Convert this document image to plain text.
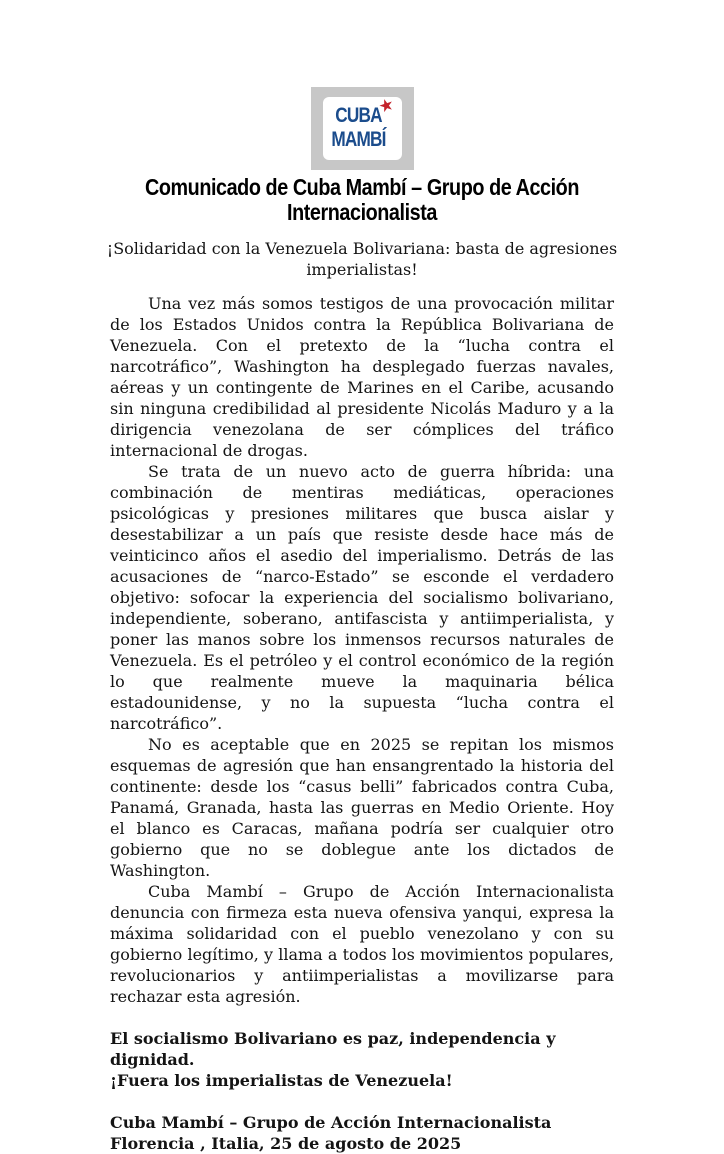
CUBA
MAMBÍ
★
Comunicado de Cuba Mambí – Grupo de Acción
Internacionalista
¡Solidaridad con la Venezuela Bolivariana: basta de agresiones
imperialistas!

Una vez más somos testigos de una provocación militar de los Estados Unidos contra la República Bolivariana de Venezuela. Con el pretexto de la “lucha contra el narcotráfico”, Washington ha desplegado fuerzas navales, aéreas y un contingente de Marines en el Caribe, acusando sin ninguna credibilidad al presidente Nicolás Maduro y a la dirigencia venezolana de ser cómplices del tráfico internacional de drogas.

Se trata de un nuevo acto de guerra híbrida: una combinación de mentiras mediáticas, operaciones psicológicas y presiones militares que busca aislar y desestabilizar a un país que resiste desde hace más de veinticinco años el asedio del imperialismo. Detrás de las acusaciones de “narco-Estado” se esconde el verdadero objetivo: sofocar la experiencia del socialismo bolivariano, independiente, soberano, antifascista y antiimperialista, y poner las manos sobre los inmensos recursos naturales de Venezuela. Es el petróleo y el control económico de la región lo que realmente mueve la maquinaria bélica estadounidense, y no la supuesta “lucha contra el narcotráfico”.

No es aceptable que en 2025 se repitan los mismos esquemas de agresión que han ensangrentado la historia del continente: desde los “casus belli” fabricados contra Cuba, Panamá, Granada, hasta las guerras en Medio Oriente. Hoy el blanco es Caracas, mañana podría ser cualquier otro gobierno que no se doblegue ante los dictados de Washington.

Cuba Mambí – Grupo de Acción Internacionalista denuncia con firmeza esta nueva ofensiva yanqui, expresa la máxima solidaridad con el pueblo venezolano y con su gobierno legítimo, y llama a todos los movimientos populares, revolucionarios y antiimperialistas a movilizarse para rechazar esta agresión.

El socialismo Bolivariano es paz, independencia y dignidad.

¡Fuera los imperialistas de Venezuela!

Cuba Mambí – Grupo de Acción Internacionalista

Florencia , Italia, 25 de agosto de 2025
